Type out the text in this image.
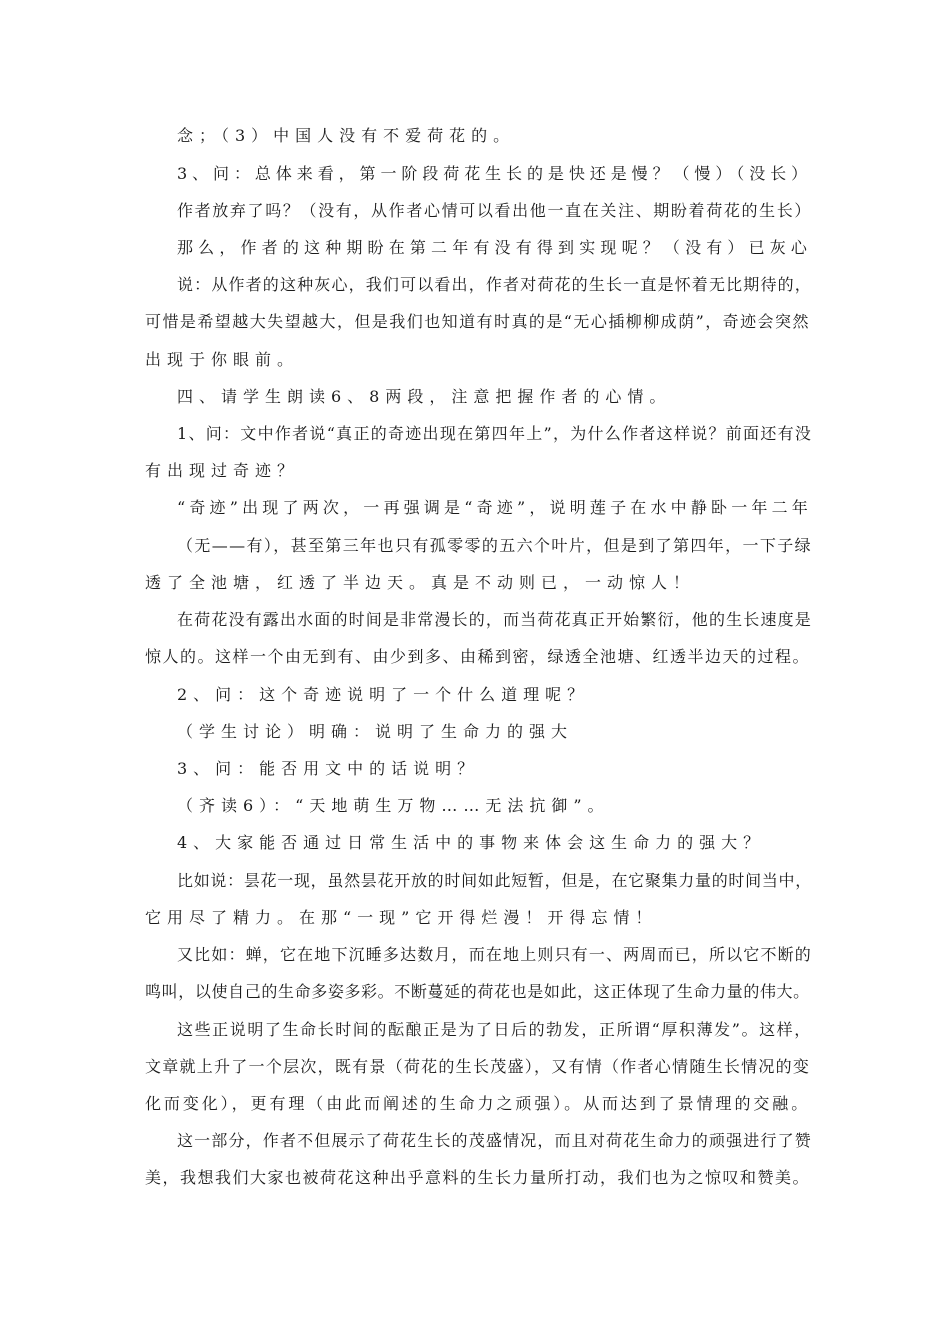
念；（3）中国人没有不爱荷花的。
3、问：总体来看，第一阶段荷花生长的是快还是慢？（慢）（没长）
作者放弃了吗？（没有，从作者心情可以看出他一直在关注、期盼着荷花的生长）
那么，作者的这种期盼在第二年有没有得到实现呢？（没有）已灰心
说：从作者的这种灰心，我们可以看出，作者对荷花的生长一直是怀着无比期待的，
可惜是希望越大失望越大，但是我们也知道有时真的是“无心插柳柳成荫”，奇迹会突然
出现于你眼前。
四、请学生朗读6、8两段，注意把握作者的心情。
1、问：文中作者说“真正的奇迹出现在第四年上”，为什么作者这样说？前面还有没
有出现过奇迹？
“奇迹”出现了两次，一再强调是“奇迹”，说明莲子在水中静卧一年二年
（无——有），甚至第三年也只有孤零零的五六个叶片，但是到了第四年，一下子绿
透了全池塘，红透了半边天。真是不动则已，一动惊人！
在荷花没有露出水面的时间是非常漫长的，而当荷花真正开始繁衍，他的生长速度是
惊人的。这样一个由无到有、由少到多、由稀到密，绿透全池塘、红透半边天的过程。
2、问：这个奇迹说明了一个什么道理呢？
（学生讨论）明确：说明了生命力的强大
3、问：能否用文中的话说明？
（齐读6）：“天地萌生万物……无法抗御”。
4、大家能否通过日常生活中的事物来体会这生命力的强大？
比如说：昙花一现，虽然昙花开放的时间如此短暂，但是，在它聚集力量的时间当中，
它用尽了精力。在那“一现”它开得烂漫！开得忘情！
又比如：蝉，它在地下沉睡多达数月，而在地上则只有一、两周而已，所以它不断的
鸣叫，以使自己的生命多姿多彩。不断蔓延的荷花也是如此，这正体现了生命力量的伟大。
这些正说明了生命长时间的酝酿正是为了日后的勃发，正所谓“厚积薄发”。这样，
文章就上升了一个层次，既有景（荷花的生长茂盛），又有情（作者心情随生长情况的变
化而变化），更有理（由此而阐述的生命力之顽强）。从而达到了景情理的交融。
这一部分，作者不但展示了荷花生长的茂盛情况，而且对荷花生命力的顽强进行了赞
美，我想我们大家也被荷花这种出乎意料的生长力量所打动，我们也为之惊叹和赞美。
